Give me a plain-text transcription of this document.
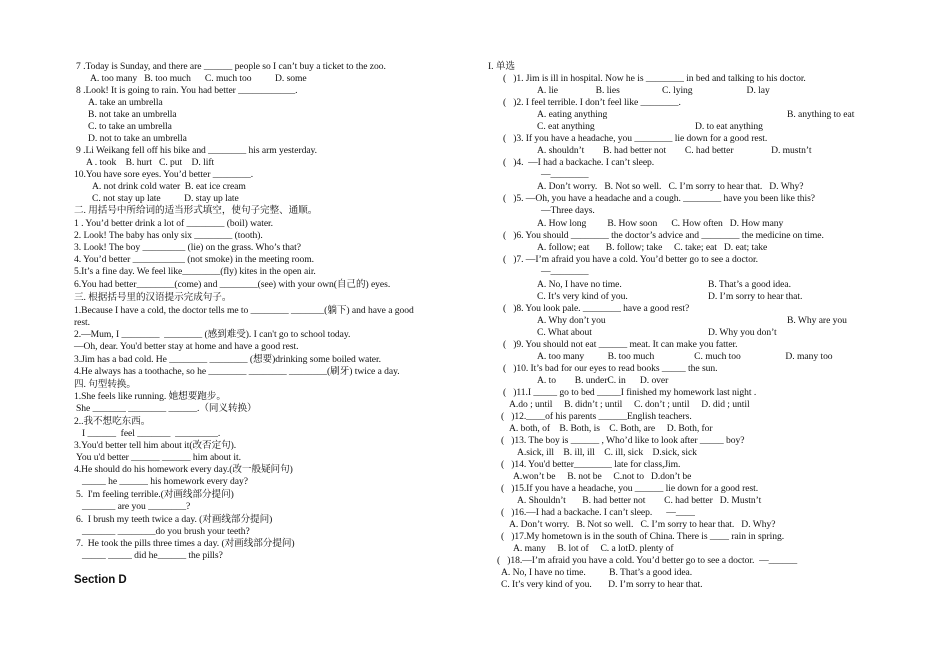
7 .Today is Sunday, and there are ______ people so I can’t buy a ticket to the zoo.
A. too many   B. too much      C. much too          D. some
8 .Look! It is going to rain. You had better ____________.
A. take an umbrella
B. not take an umbrella
C. to take an umbrella
D. not to take an umbrella
9 .Li Weikang fell off his bike and ________ his arm yesterday.
A . took    B. hurt   C. put    D. lift
10.You have sore eyes. You’d better ________.
A. not drink cold water  B. eat ice cream
C. not stay up late          D. stay up late
二. 用括号中所给词的适当形式填空，使句子完整、通顺。
1 . You’d better drink a lot of ________ (boil) water.
2. Look! The baby has only six ________ (tooth).
3. Look! The boy _________ (lie) on the grass. Who’s that?
4. You’d better ___________ (not smoke) in the meeting room.
5.It’s a fine day. We feel like________(fly) kites in the open air.
6.You had better________(come) and ________(see) with your own(自己的) eyes.
三. 根据括号里的汉语提示完成句子。
1.Because I have a cold, the doctor tells me to ________ _______(躺下) and have a good
rest.
2.—Mum, I ________  ________ (感到难受). I can't go to school today.
—Oh, dear. You'd better stay at home and have a good rest.
3.Jim has a bad cold. He ________ ________ (想要)drinking some boiled water.
4.He always has a toothache, so he ________ ________ ________(刷牙) twice a day.
四. 句型转换。
1.She feels like running. 她想要跑步。
She _______ ________ ______.（同义转换）
2..我不想吃东西。
I ______  feel _______  _________.
3.You'd better tell him about it(改否定句).
You u'd better ______ ______ him about it.
4.He should do his homework every day.(改一般疑问句)
_____ he ______ his homework every day?
5.  I'm feeling terrible.(对画线部分提问)
_______ are you ________?
6.  I brush my teeth twice a day. (对画线部分提问)
_______ ________do you brush your teeth?
7.  He took the pills three times a day. (对画线部分提问)
_____ _____ did he______ the pills?
Section D
I. 单选
(   )1. Jim is ill in hospital. Now he is ________ in bed and talking to his doctor.
A. lie                B. lies                  C. lying                       D. lay
(   )2. I feel terrible. I don’t feel like ________.
A. eating anything	B. anything to eat
C. eat anything	D. to eat anything
(   )3. If you have a headache, you ________ lie down for a good rest.
A. shouldn’t        B. had better not        C. had better                D. mustn’t
(   )4.  —I had a backache. I can’t sleep.
—________
A. Don’t worry.   B. Not so well.   C. I’m sorry to hear that.   D. Why?
(   )5. —Oh, you have a headache and a cough. ________ have you been like this?
—Three days.
A. How long         B. How soon      C. How often   D. How many
(   )6. You should ________ the doctor’s advice and ________ the medicine on time.
A. follow; eat       B. follow; take     C. take; eat   D. eat; take
(   )7. —I’m afraid you have a cold. You’d better go to see a doctor.
—________
A. No, I have no time.	B. That’s a good idea.
C. It’s very kind of you.	D. I’m sorry to hear that.
(   )8. You look pale. ________ have a good rest?
A. Why don’t you	B. Why are you
C. What about	D. Why you don’t
(   )9. You should not eat ______ meat. It can make you fatter.
A. too many          B. too much                 C. much too                   D. many too
(   )10. It’s bad for our eyes to read books _____ the sun.
A. to        B. underC. in      D. over
(   )11.I _____ go to bed _____I finished my homework last night .
A.do ; until     B. didn’t ; until     C. don’t ; until     D. did ; until
(   )12.____of his parents ______English teachers.
A. both, of    B. Both, is    C. Both, are     D. Both, for
(   )13. The boy is ______ , Who’d like to look after _____ boy?
A.sick, ill    B. ill, ill    C. ill, sick    D.sick, sick
(   )14. You'd better________ late for class,Jim.
A.won’t be     B. not be     C.not to   D.don’t be
(   )15.If you have a headache, you ______ lie down for a good rest.
A. Shouldn’t       B. had better not        C. had better   D. Mustn’t
(   )16.—I had a backache. I can’t sleep.      —____
A. Don’t worry.   B. Not so well.   C. I’m sorry to hear that.   D. Why?
(   )17.My hometown is in the south of China. There is ____ rain in spring.
A. many     B. lot of     C. a lotD. plenty of
(   )18.—I’m afraid you have a cold. You’d better go to see a doctor.  —______
A. No, I have no time.          B. That’s a good idea.
C. It’s very kind of you.       D. I’m sorry to hear that.
